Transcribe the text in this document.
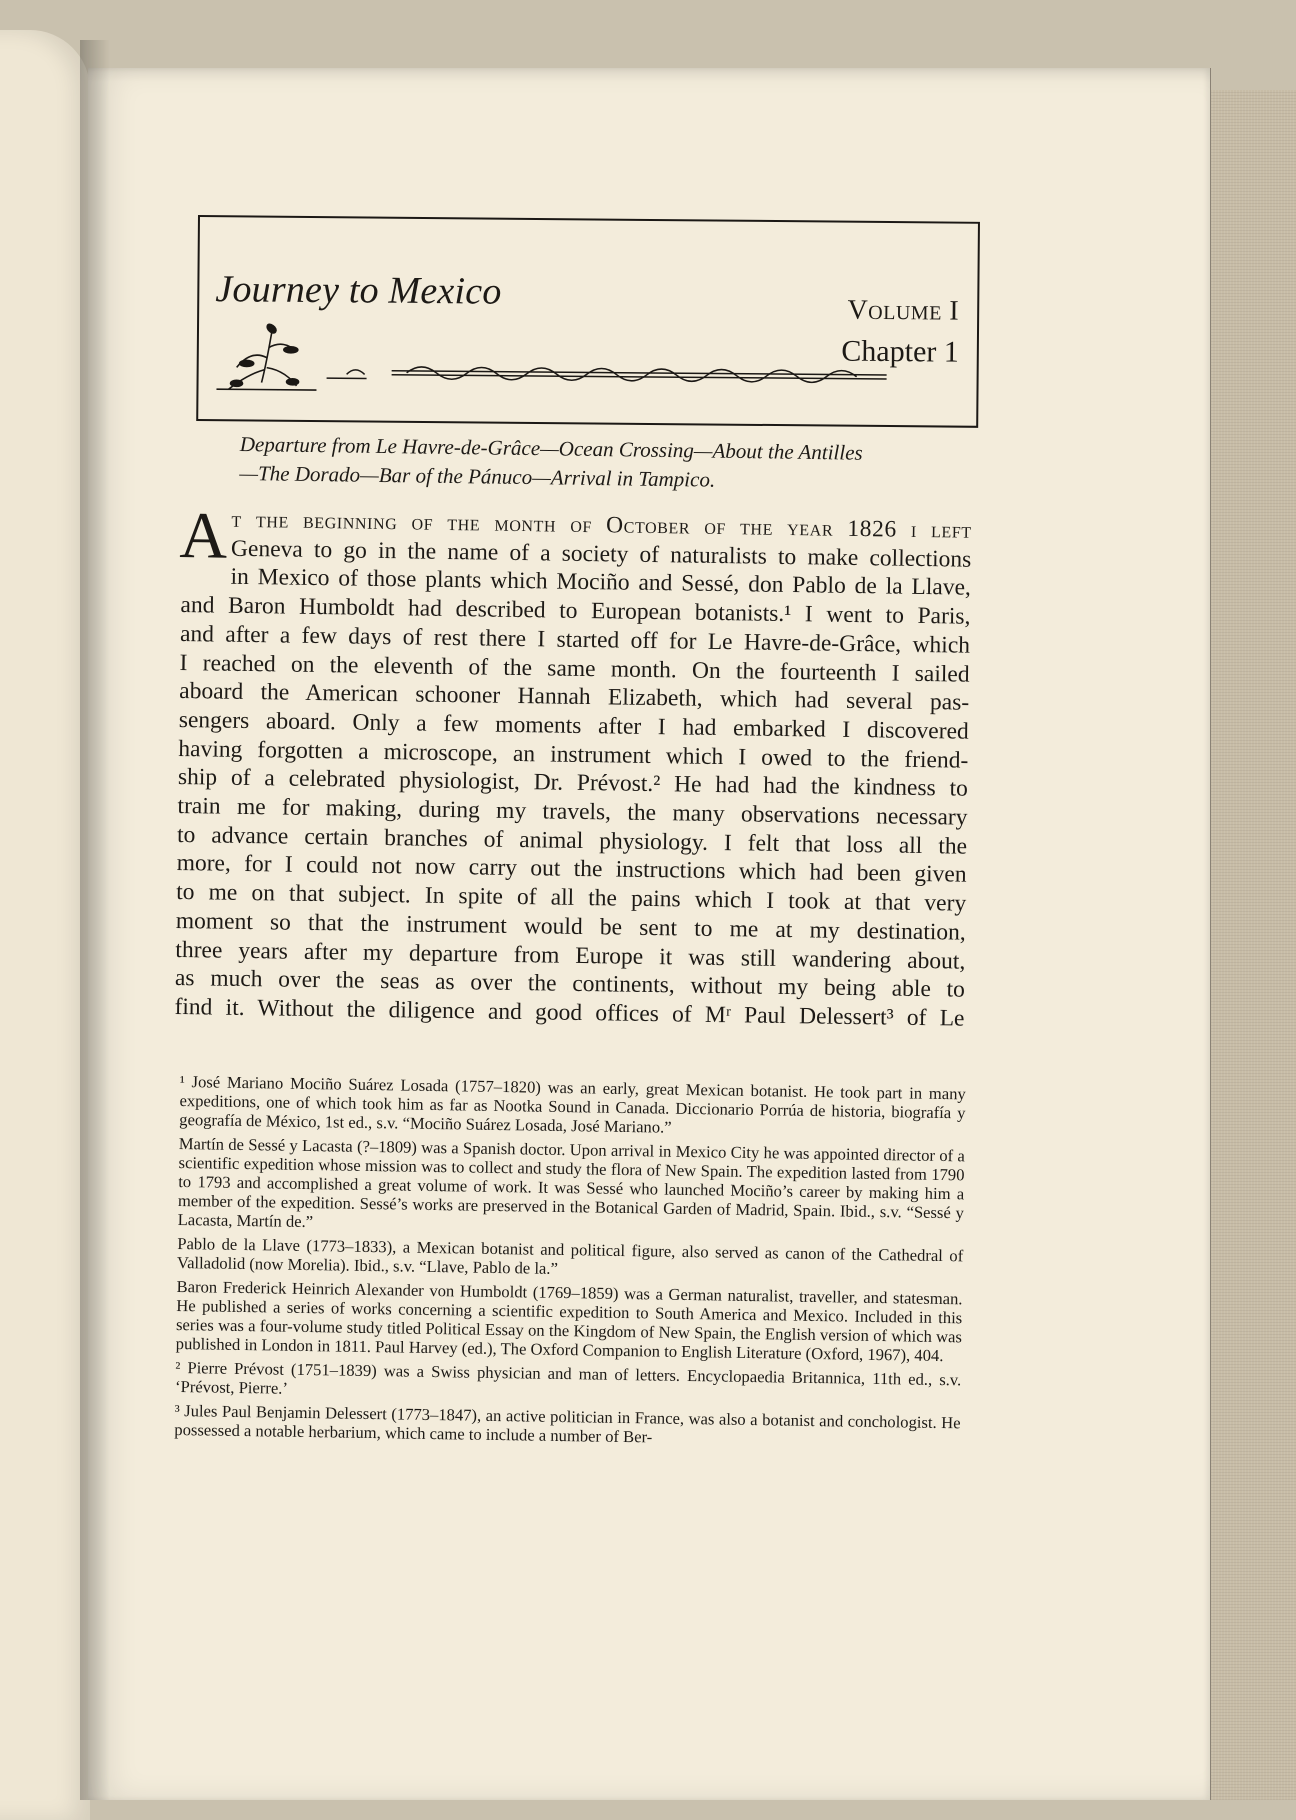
Journey to Mexico	Volume I
Chapter 1
Departure from Le Havre-de-Grâce—Ocean Crossing—About the Antilles
—The Dorado—Bar of the Pánuco—Arrival in Tampico.
At the beginning of the month of October of the year 1826 i left
Geneva to go in the name of a society of naturalists to make collections
in Mexico of those plants which Mociño and Sessé, don Pablo de la Llave,
and Baron Humboldt had described to European botanists.¹ I went to Paris,
and after a few days of rest there I started off for Le Havre-de-Grâce, which
I reached on the eleventh of the same month. On the fourteenth I sailed
aboard the American schooner Hannah Elizabeth, which had several pas-
sengers aboard. Only a few moments after I had embarked I discovered
having forgotten a microscope, an instrument which I owed to the friend-
ship of a celebrated physiologist, Dr. Prévost.² He had had the kindness to
train me for making, during my travels, the many observations necessary
to advance certain branches of animal physiology. I felt that loss all the
more, for I could not now carry out the instructions which had been given
to me on that subject. In spite of all the pains which I took at that very
moment so that the instrument would be sent to me at my destination,
three years after my departure from Europe it was still wandering about,
as much over the seas as over the continents, without my being able to
find it. Without the diligence and good offices of Mʳ Paul Delessert³ of Le

¹ José Mariano Mociño Suárez Losada (1757–1820) was an early, great Mexican botanist. He took part in many expeditions, one of which took him as far as Nootka Sound in Canada. Diccionario Porrúa de historia, biografía y geografía de México, 1st ed., s.v. “Mociño Suárez Losada, José Mariano.”

Martín de Sessé y Lacasta (?–1809) was a Spanish doctor. Upon arrival in Mexico City he was appointed director of a scientific expedition whose mission was to collect and study the flora of New Spain. The expedition lasted from 1790 to 1793 and accomplished a great volume of work. It was Sessé who launched Mociño’s career by making him a member of the expedition. Sessé’s works are preserved in the Botanical Garden of Madrid, Spain. Ibid., s.v. “Sessé y Lacasta, Martín de.”

Pablo de la Llave (1773–1833), a Mexican botanist and political figure, also served as canon of the Cathedral of Valladolid (now Morelia). Ibid., s.v. “Llave, Pablo de la.”

Baron Frederick Heinrich Alexander von Humboldt (1769–1859) was a German naturalist, traveller, and statesman. He published a series of works concerning a scientific expedition to South America and Mexico. Included in this series was a four-volume study titled Political Essay on the Kingdom of New Spain, the English version of which was published in London in 1811. Paul Harvey (ed.), The Oxford Companion to English Literature (Oxford, 1967), 404.

² Pierre Prévost (1751–1839) was a Swiss physician and man of letters. Encyclopaedia Britannica, 11th ed., s.v. ‘Prévost, Pierre.’

³ Jules Paul Benjamin Delessert (1773–1847), an active politician in France, was also a botanist and conchologist. He possessed a notable herbarium, which came to include a number of Ber-
